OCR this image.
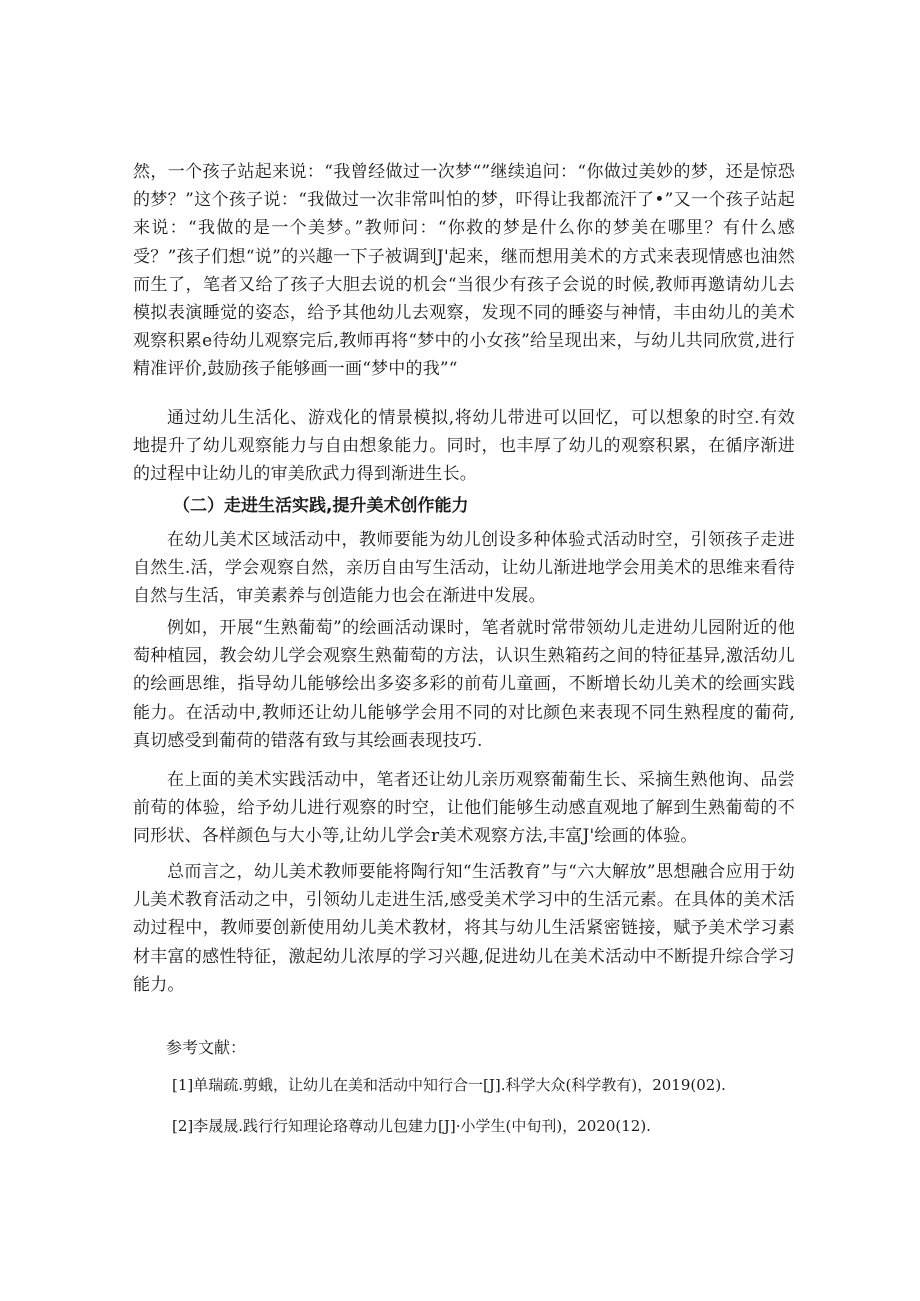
然，一个孩子站起来说：“我曾经做过一次梦“”继续追问：“你做过美妙的梦，还是惊恐的梦？”这个孩子说：“我做过一次非常叫怕的梦，吓得让我都流汗了•”又一个孩子站起来说：“我做的是一个美梦。”教师问：“你救的梦是什么你的梦美在哪里？有什么感受？”孩子们想“说”的兴趣一下子被调到J'起来，继而想用美术的方式来表现情感也油然而生了，笔者又给了孩子大胆去说的机会“当很少有孩子会说的时候,教师再邀请幼儿去模拟表演睡觉的姿态，给予其他幼儿去观察，发现不同的睡姿与神情，丰由幼儿的美术观察积累e待幼儿观察完后,教师再将“梦中的小女孩”给呈现出来，与幼儿共同欣赏,进行精准评价,鼓励孩子能够画一画“梦中的我”“

通过幼儿生活化、游戏化的情景模拟,将幼儿带进可以回忆，可以想象的时空.有效地提升了幼儿观察能力与自由想象能力。同时，也丰厚了幼儿的观察积累，在循序渐进的过程中让幼儿的审美欣武力得到渐进生长。

（二）走进生活实践,提升美术创作能力

在幼儿美术区域活动中，教师要能为幼儿创设多种体验式活动时空，引领孩子走进自然生.活，学会观察自然，亲历自由写生活动，让幼儿渐进地学会用美术的思维来看待自然与生活，审美素养与创造能力也会在渐进中发展。

例如，开展“生熟葡萄”的绘画活动课时，笔者就时常带领幼儿走进幼儿园附近的他萄种植园，教会幼儿学会观察生熟葡萄的方法，认识生熟箱药之间的特征基异,激活幼儿的绘画思维，指导幼儿能够绘出多姿多彩的前荀儿童画，不断增长幼儿美术的绘画实践能力。在活动中,教师还让幼儿能够学会用不同的对比颜色来表现不同生熟程度的葡荷,真切感受到葡荷的错落有致与其绘画表现技巧.

在上面的美术实践活动中，笔者还让幼儿亲历观察葡葡生长、采摘生熟他询、品尝前荀的体验，给予幼儿进行观察的时空，让他们能够生动感直观地了解到生熟葡萄的不同形状、各样颜色与大小等,让幼儿学会r美术观察方法,丰富J'绘画的体验。

总而言之，幼儿美术教师要能将陶行知“生活教育”与“六大解放”思想融合应用于幼儿美术教育活动之中，引领幼儿走进生活,感受美术学习中的生活元素。在具体的美术活动过程中，教师要创新使用幼儿美术教材，将其与幼儿生活紧密链接，赋予美术学习素材丰富的感性特征，激起幼儿浓厚的学习兴趣,促进幼儿在美术活动中不断提升综合学习能力。

参考文献：

[1]单瑞疏.剪蛾，让幼儿在美和活动中知行合一[J].科学大众(科学教有)，2019(02).

[2]李晟晟.践行行知理论珞尊动儿包建力[J]·小学生(中旬刊)，2020(12).
